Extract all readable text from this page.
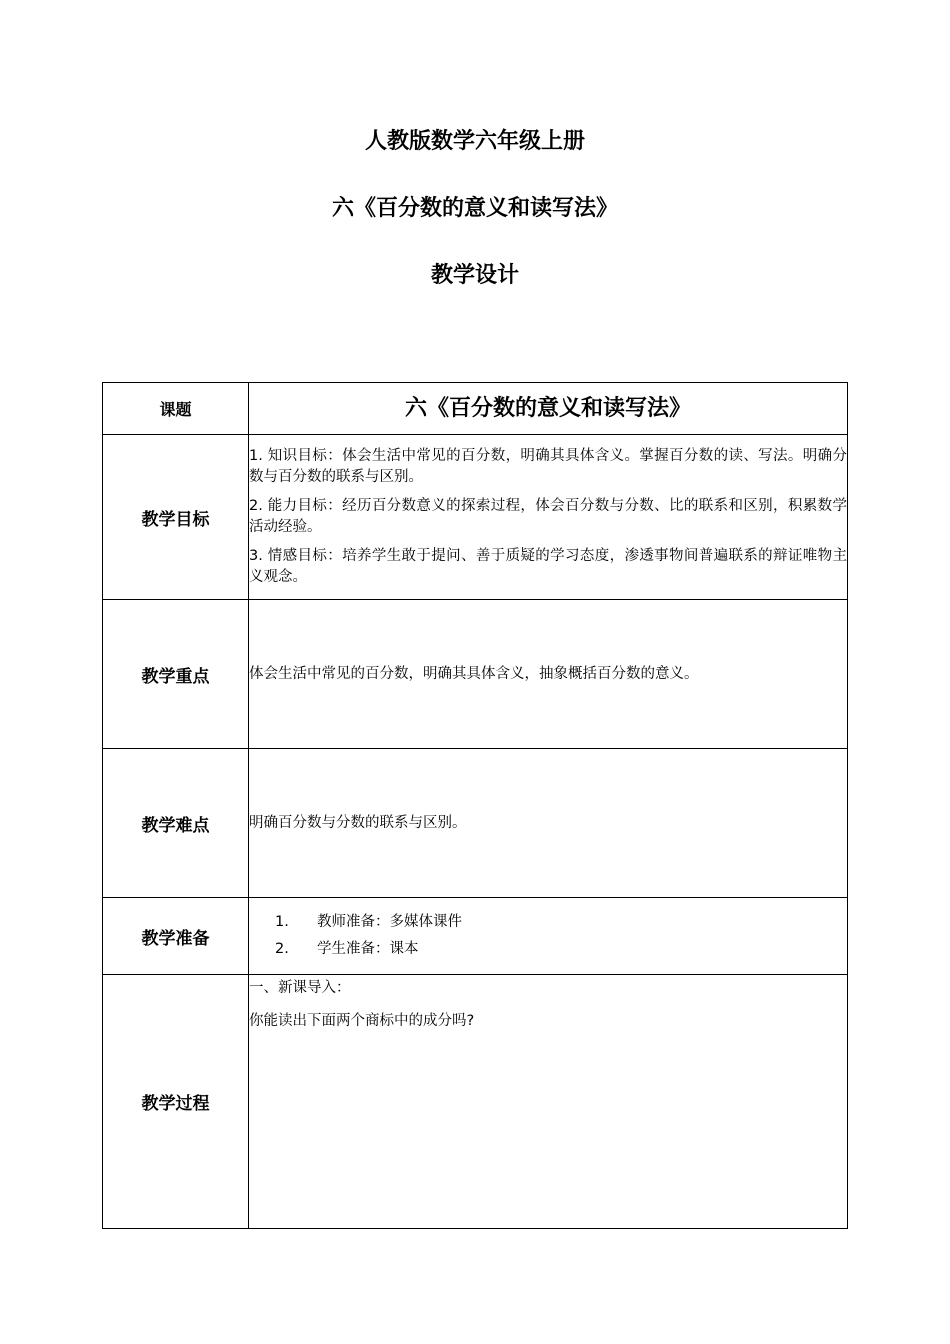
人教版数学六年级上册
六《百分数的意义和读写法》
教学设计
课题	六《百分数的意义和读写法》

教学目标	1. 知识目标：体会生活中常见的百分数，明确其具体含义。掌握百分数的读、写法。明确分数与百分数的联系与区别。
2. 能力目标：经历百分数意义的探索过程，体会百分数与分数、比的联系和区别，积累数学活动经验。
3. 情感目标：培养学生敢于提问、善于质疑的学习态度，渗透事物间普遍联系的辩证唯物主义观念。

教学重点	体会生活中常见的百分数，明确其具体含义，抽象概括百分数的意义。
教学难点	明确百分数与分数的联系与区别。
教学准备	1. 教师准备：多媒体课件
2. 学生准备：课本

教学过程	一、新课导入：

你能读出下面两个商标中的成分吗?
